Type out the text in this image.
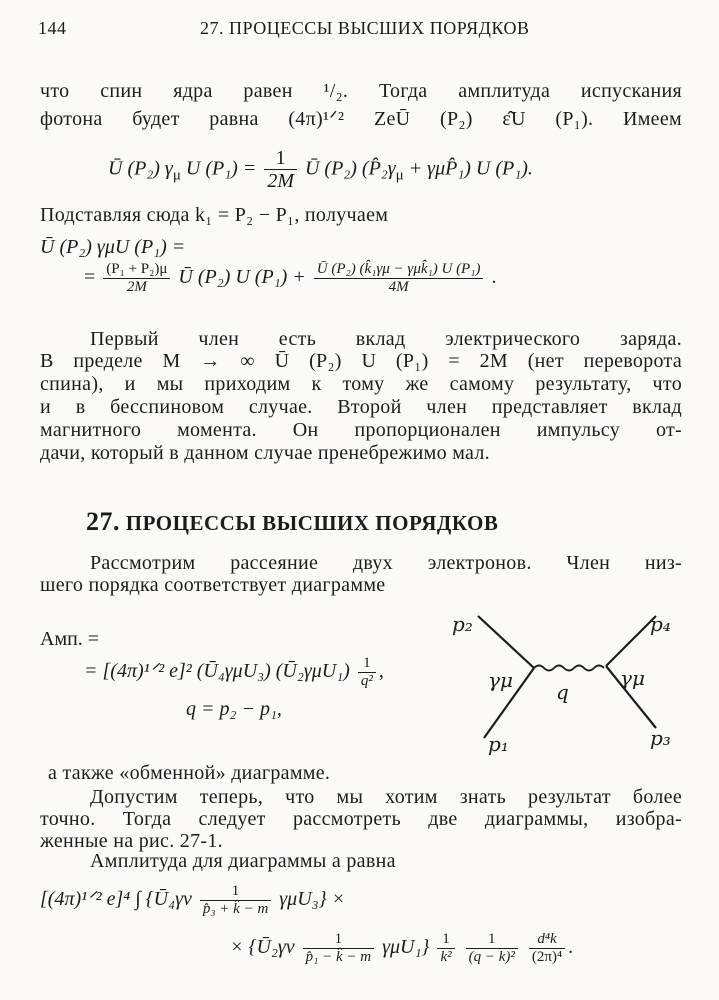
144	27. ПРОЦЕССЫ ВЫСШИХ ПОРЯДКОВ
что спин ядра равен ¹/₂. Тогда амплитуда испускания
фотона будет равна (4π)¹ᐟ² ZeŪ (P₂) ε̂U (P₁). Имеем
Ū (P₂) $\gamma_\mu$ U $(P_1) = \frac{1}{2M}$ Ū (P₂) ($P̂_2\gamma_\mu$ + γμP̂₁) U (P₁).
Подставляя сюда k₁ = P₂ − P₁, получаем
Ū (P₂) γμU (P₁) =
= $\frac{\text{(P₁ + P₂)μ}}{2M}$ Ū (P₂) U $(P_1) + \frac{\text{Ū (P₂) (k̂₁γμ − γμk̂₁) U (P₁)}}{4M}$ .
Первый член есть вклад электрического заряда.
В пределе M → ∞ Ū (P₂) U (P₁) = 2M (нет переворота
спина), и мы приходим к тому же самому результату, что
и в бесспиновом случае. Второй член представляет вклад
магнитного момента. Он пропорционален импульсу от-
дачи, который в данном случае пренебрежимо мал.
27. ПРОЦЕССЫ ВЫСШИХ ПОРЯДКОВ
Рассмотрим рассеяние двух электронов. Член низ-
шего порядка соответствует диаграмме
Амп. =
= [(4π)¹ᐟ² e]² (Ū₄γμU₃) (Ū₂γμU₁) $\frac{1}{\text{q²}}$ ,
q = p₂ − p₁,
p₂	p₄
p₁	p₃
γμ	γμ
q
а также «обменной» диаграмме.
Допустим теперь, что мы хотим знать результат более
точно. Тогда следует рассмотреть две диаграммы, изобра-
женные на рис. 27-1.
Амплитуда для диаграммы a равна
[(4π)¹ᐟ² e]⁴ ∫ {Ū₄γν $\frac{1}{\text{p̂₃ + k̂ − m}} \gamma\mu U_3$} ×
× {Ū₂γν $\frac{1}{\text{p̂₁ − k̂ − m}} \gamma\mu U_1\} \frac{1}{\text{k²}}$
$\frac{1}{\text{(q − k)²}}$
$\frac{\text{d⁴k}}{\text{(2π)⁴}}$ .
